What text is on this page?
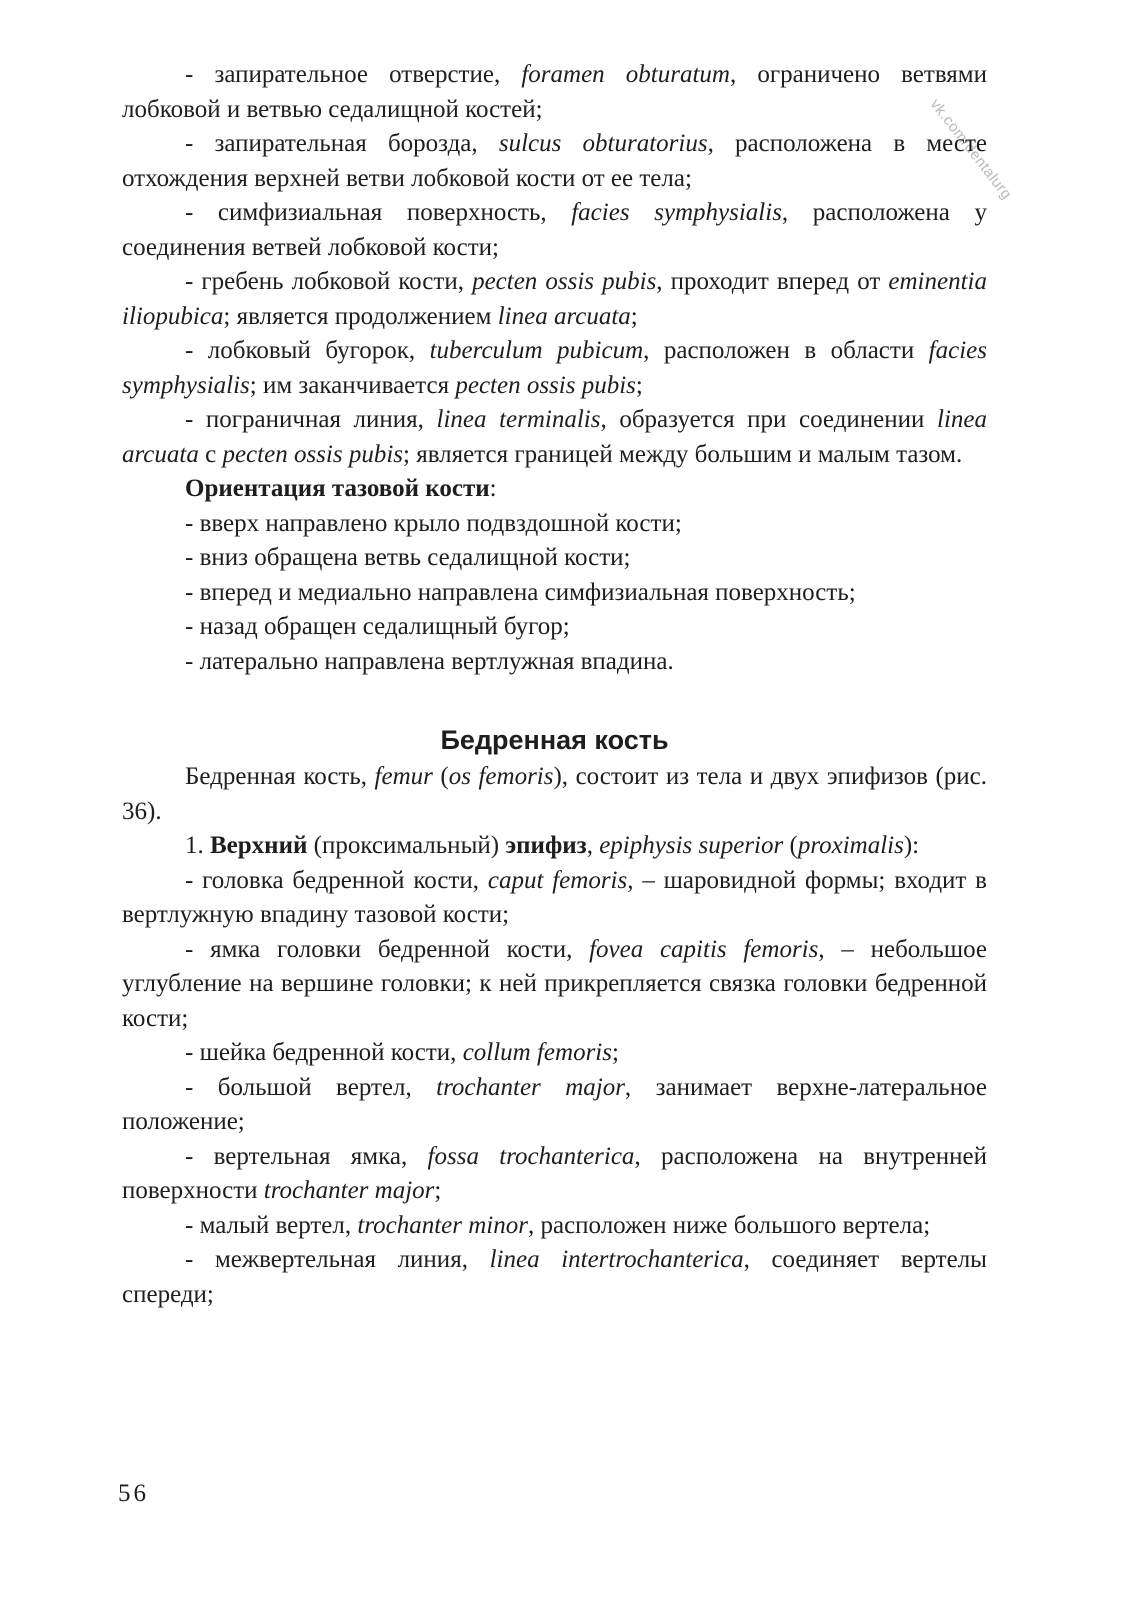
vk.com/dentalurg

- запирательное отверстие, foramen obturatum, ограничено ветвями лобковой и ветвью седалищной костей;

- запирательная борозда, sulcus obturatorius, расположена в месте отхождения верхней ветви лобковой кости от ее тела;

- симфизиальная поверхность, facies symphysialis, расположена у соединения ветвей лобковой кости;

- гребень лобковой кости, pecten ossis pubis, проходит вперед от eminentia iliopubica; является продолжением linea arcuata;

- лобковый бугорок, tuberculum pubicum, расположен в области facies symphysialis; им заканчивается pecten ossis pubis;

- пограничная линия, linea terminalis, образуется при соединении linea arcuata с pecten ossis pubis; является границей между большим и малым тазом.

Ориентация тазовой кости:

- вверх направлено крыло подвздошной кости;

- вниз обращена ветвь седалищной кости;

- вперед и медиально направлена симфизиальная поверхность;

- назад обращен седалищный бугор;

- латерально направлена вертлужная впадина.

Бедренная кость

Бедренная кость, femur (os femoris), состоит из тела и двух эпифизов (рис. 36).

1. Верхний (проксимальный) эпифиз, epiphysis superior (proximalis):

- головка бедренной кости, caput femoris, – шаровидной формы; входит в вертлужную впадину тазовой кости;

- ямка головки бедренной кости, fovea capitis femoris, – небольшое углубление на вершине головки; к ней прикрепляется связка головки бедренной кости;

- шейка бедренной кости, collum femoris;

- большой вертел, trochanter major, занимает верхне-латеральное положение;

- вертельная ямка, fossa trochanterica, расположена на внутренней поверхности trochanter major;

- малый вертел, trochanter minor, расположен ниже большого вертела;

- межвертельная линия, linea intertrochanterica, соединяет вертелы спереди;

56
